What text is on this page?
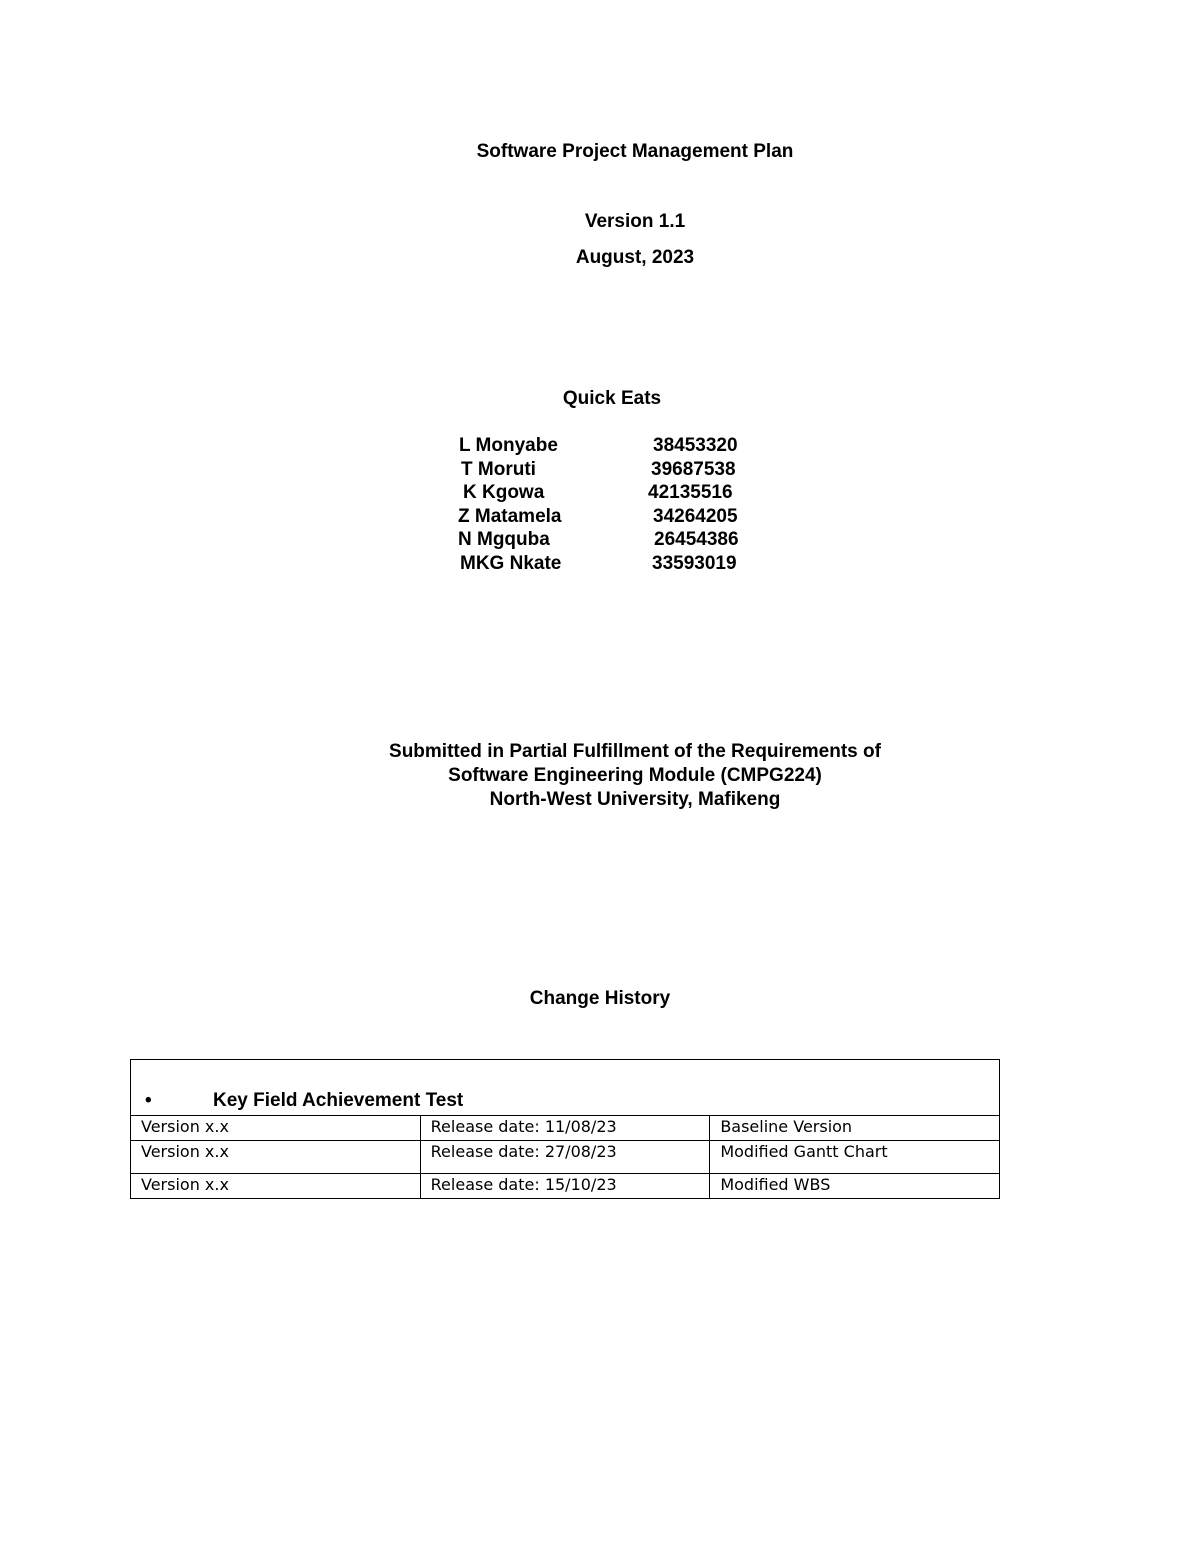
Software Project Management Plan
Version 1.1
August, 2023
Quick Eats
L Monyabe	38453320
T Moruti	39687538
K Kgowa	42135516
Z Matamela	34264205
N Mgquba	26454386
MKG Nkate	33593019
Submitted in Partial Fulfillment of the Requirements of
Software Engineering Module (CMPG224)
North-West University, Mafikeng
Change History
• Key Field Achievement Test		
Version x.x	Release date: 11/08/23	Baseline Version
Version x.x	Release date: 27/08/23	Modified Gantt Chart
Version x.x	Release date: 15/10/23	Modified WBS
